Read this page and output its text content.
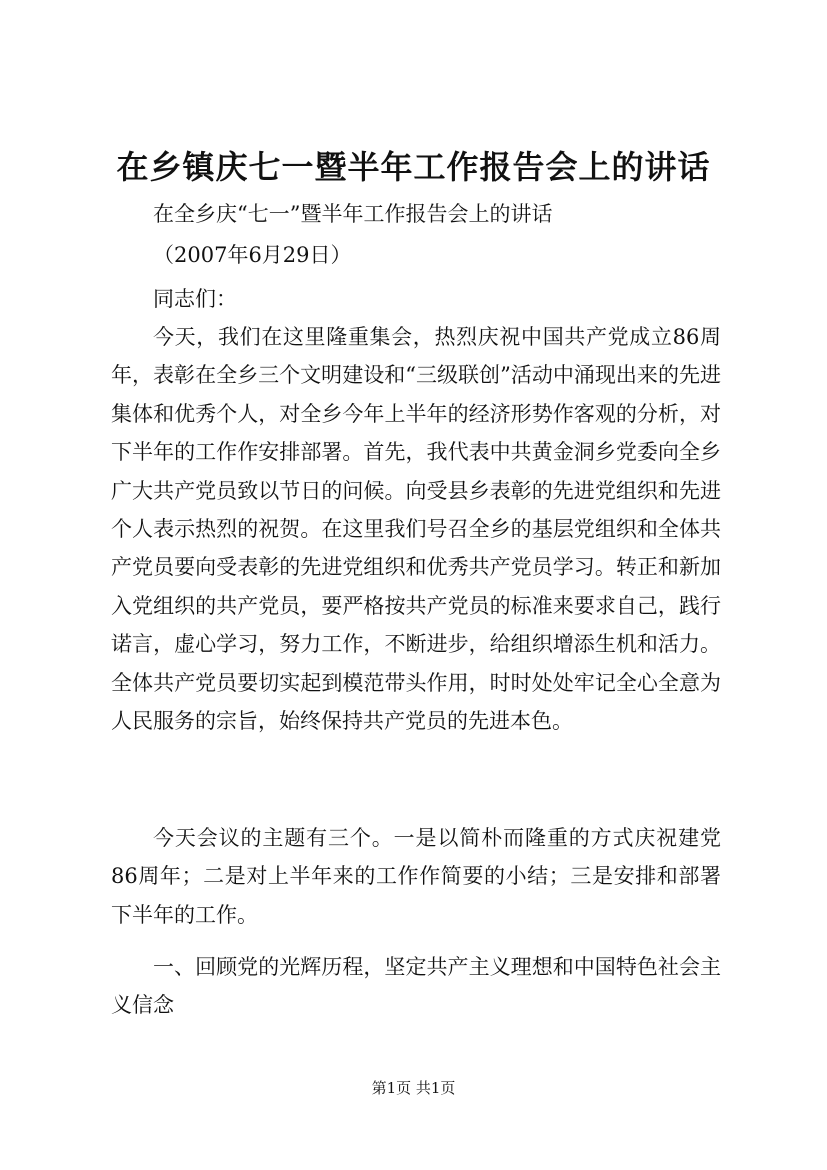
在乡镇庆七一暨半年工作报告会上的讲话
在全乡庆“七一”暨半年工作报告会上的讲话
（2007年6月29日）
同志们：
今天，我们在这里隆重集会，热烈庆祝中国共产党成立86周年，表彰在全乡三个文明建设和“三级联创”活动中涌现出来的先进集体和优秀个人，对全乡今年上半年的经济形势作客观的分析，对下半年的工作作安排部署。首先，我代表中共黄金洞乡党委向全乡广大共产党员致以节日的问候。向受县乡表彰的先进党组织和先进个人表示热烈的祝贺。在这里我们号召全乡的基层党组织和全体共产党员要向受表彰的先进党组织和优秀共产党员学习。转正和新加入党组织的共产党员，要严格按共产党员的标准来要求自己，践行诺言，虚心学习，努力工作，不断进步，给组织增添生机和活力。全体共产党员要切实起到模范带头作用，时时处处牢记全心全意为人民服务的宗旨，始终保持共产党员的先进本色。
今天会议的主题有三个。一是以简朴而隆重的方式庆祝建党86周年；二是对上半年来的工作作简要的小结；三是安排和部署下半年的工作。
一、回顾党的光辉历程，坚定共产主义理想和中国特色社会主义信念
第1页 共1页
